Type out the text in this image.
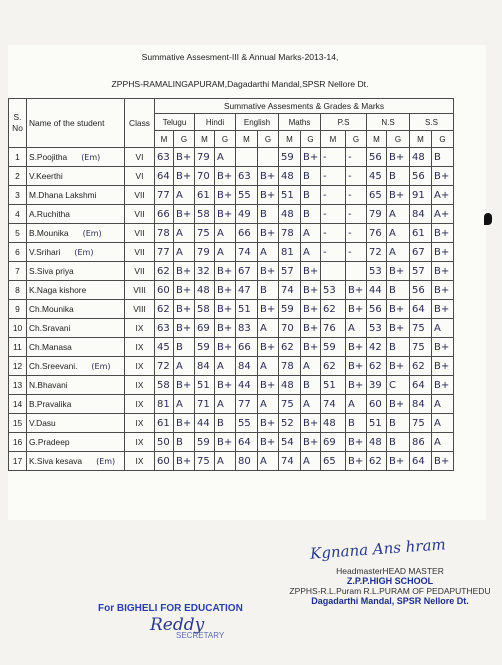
Summative Assesment-III & Annual Marks-2013-14,
ZPPHS-RAMALINGAPURAM,Dagadarthi Mandal,SPSR Nellore Dt.
S. No	Name of the student	Class	Summative Assesments & Grades & Marks													
			Telugu		Hindi		English		Maths		P.S		N.S		S.S	
			M	G	M	G	M	G	M	G	M	G	M	G	M	G
1	S.Poojitha (Em)	VI	63	B+	79	A			59	B+	-	-	56	B+	48	B
2	V.Keerthi	VI	64	B+	70	B+	63	B+	48	B	-	-	45	B	56	B+
3	M.Dhana Lakshmi	VII	77	A	61	B+	55	B+	51	B	-	-	65	B+	91	A+
4	A.Ruchitha	VII	66	B+	58	B+	49	B	48	B	-	-	79	A	84	A+
5	B.Mounika (Em)	VII	78	A	75	A	66	B+	78	A	-	-	76	A	61	B+
6	V.Srihari (Em)	VII	77	A	79	A	74	A	81	A	-	-	72	A	67	B+
7	S.Siva priya	VII	62	B+	32	B+	67	B+	57	B+			53	B+	57	B+
8	K.Naga kishore	VIII	60	B+	48	B+	47	B	74	B+	53	B+	44	B	56	B+
9	Ch.Mounika	VIII	62	B+	58	B+	51	B+	59	B+	62	B+	56	B+	64	B+
10	Ch.Sravani	IX	63	B+	69	B+	83	A	70	B+	76	A	53	B+	75	A
11	Ch.Manasa	IX	45	B	59	B+	66	B+	62	B+	59	B+	42	B	75	B+
12	Ch.Sreevani. (Em)	IX	72	A	84	A	84	A	78	A	62	B+	62	B+	62	B+
13	N.Bhavani	IX	58	B+	51	B+	44	B+	48	B	51	B+	39	C	64	B+
14	B.Pravalika	IX	81	A	71	A	77	A	75	A	74	A	60	B+	84	A
15	V.Dasu	IX	61	B+	44	B	55	B+	52	B+	48	B	51	B	75	A
16	G.Pradeep	IX	50	B	59	B+	64	B+	54	B+	69	B+	48	B	86	A
17	K.Siva kesava (Em)	IX	60	B+	75	A	80	A	74	A	65	B+	62	B+	64	B+
Kgnana Ans hram
HeadmasterHEAD MASTER
Z.P.P.HIGH SCHOOL
ZPPHS-R.L.Puram R.L.PURAM OF PEDAPUTHEDU
Dagadarthi Mandal, SPSR Nellore Dt.
For BIGHELI FOR EDUCATION
SECRETARY
Reddy
